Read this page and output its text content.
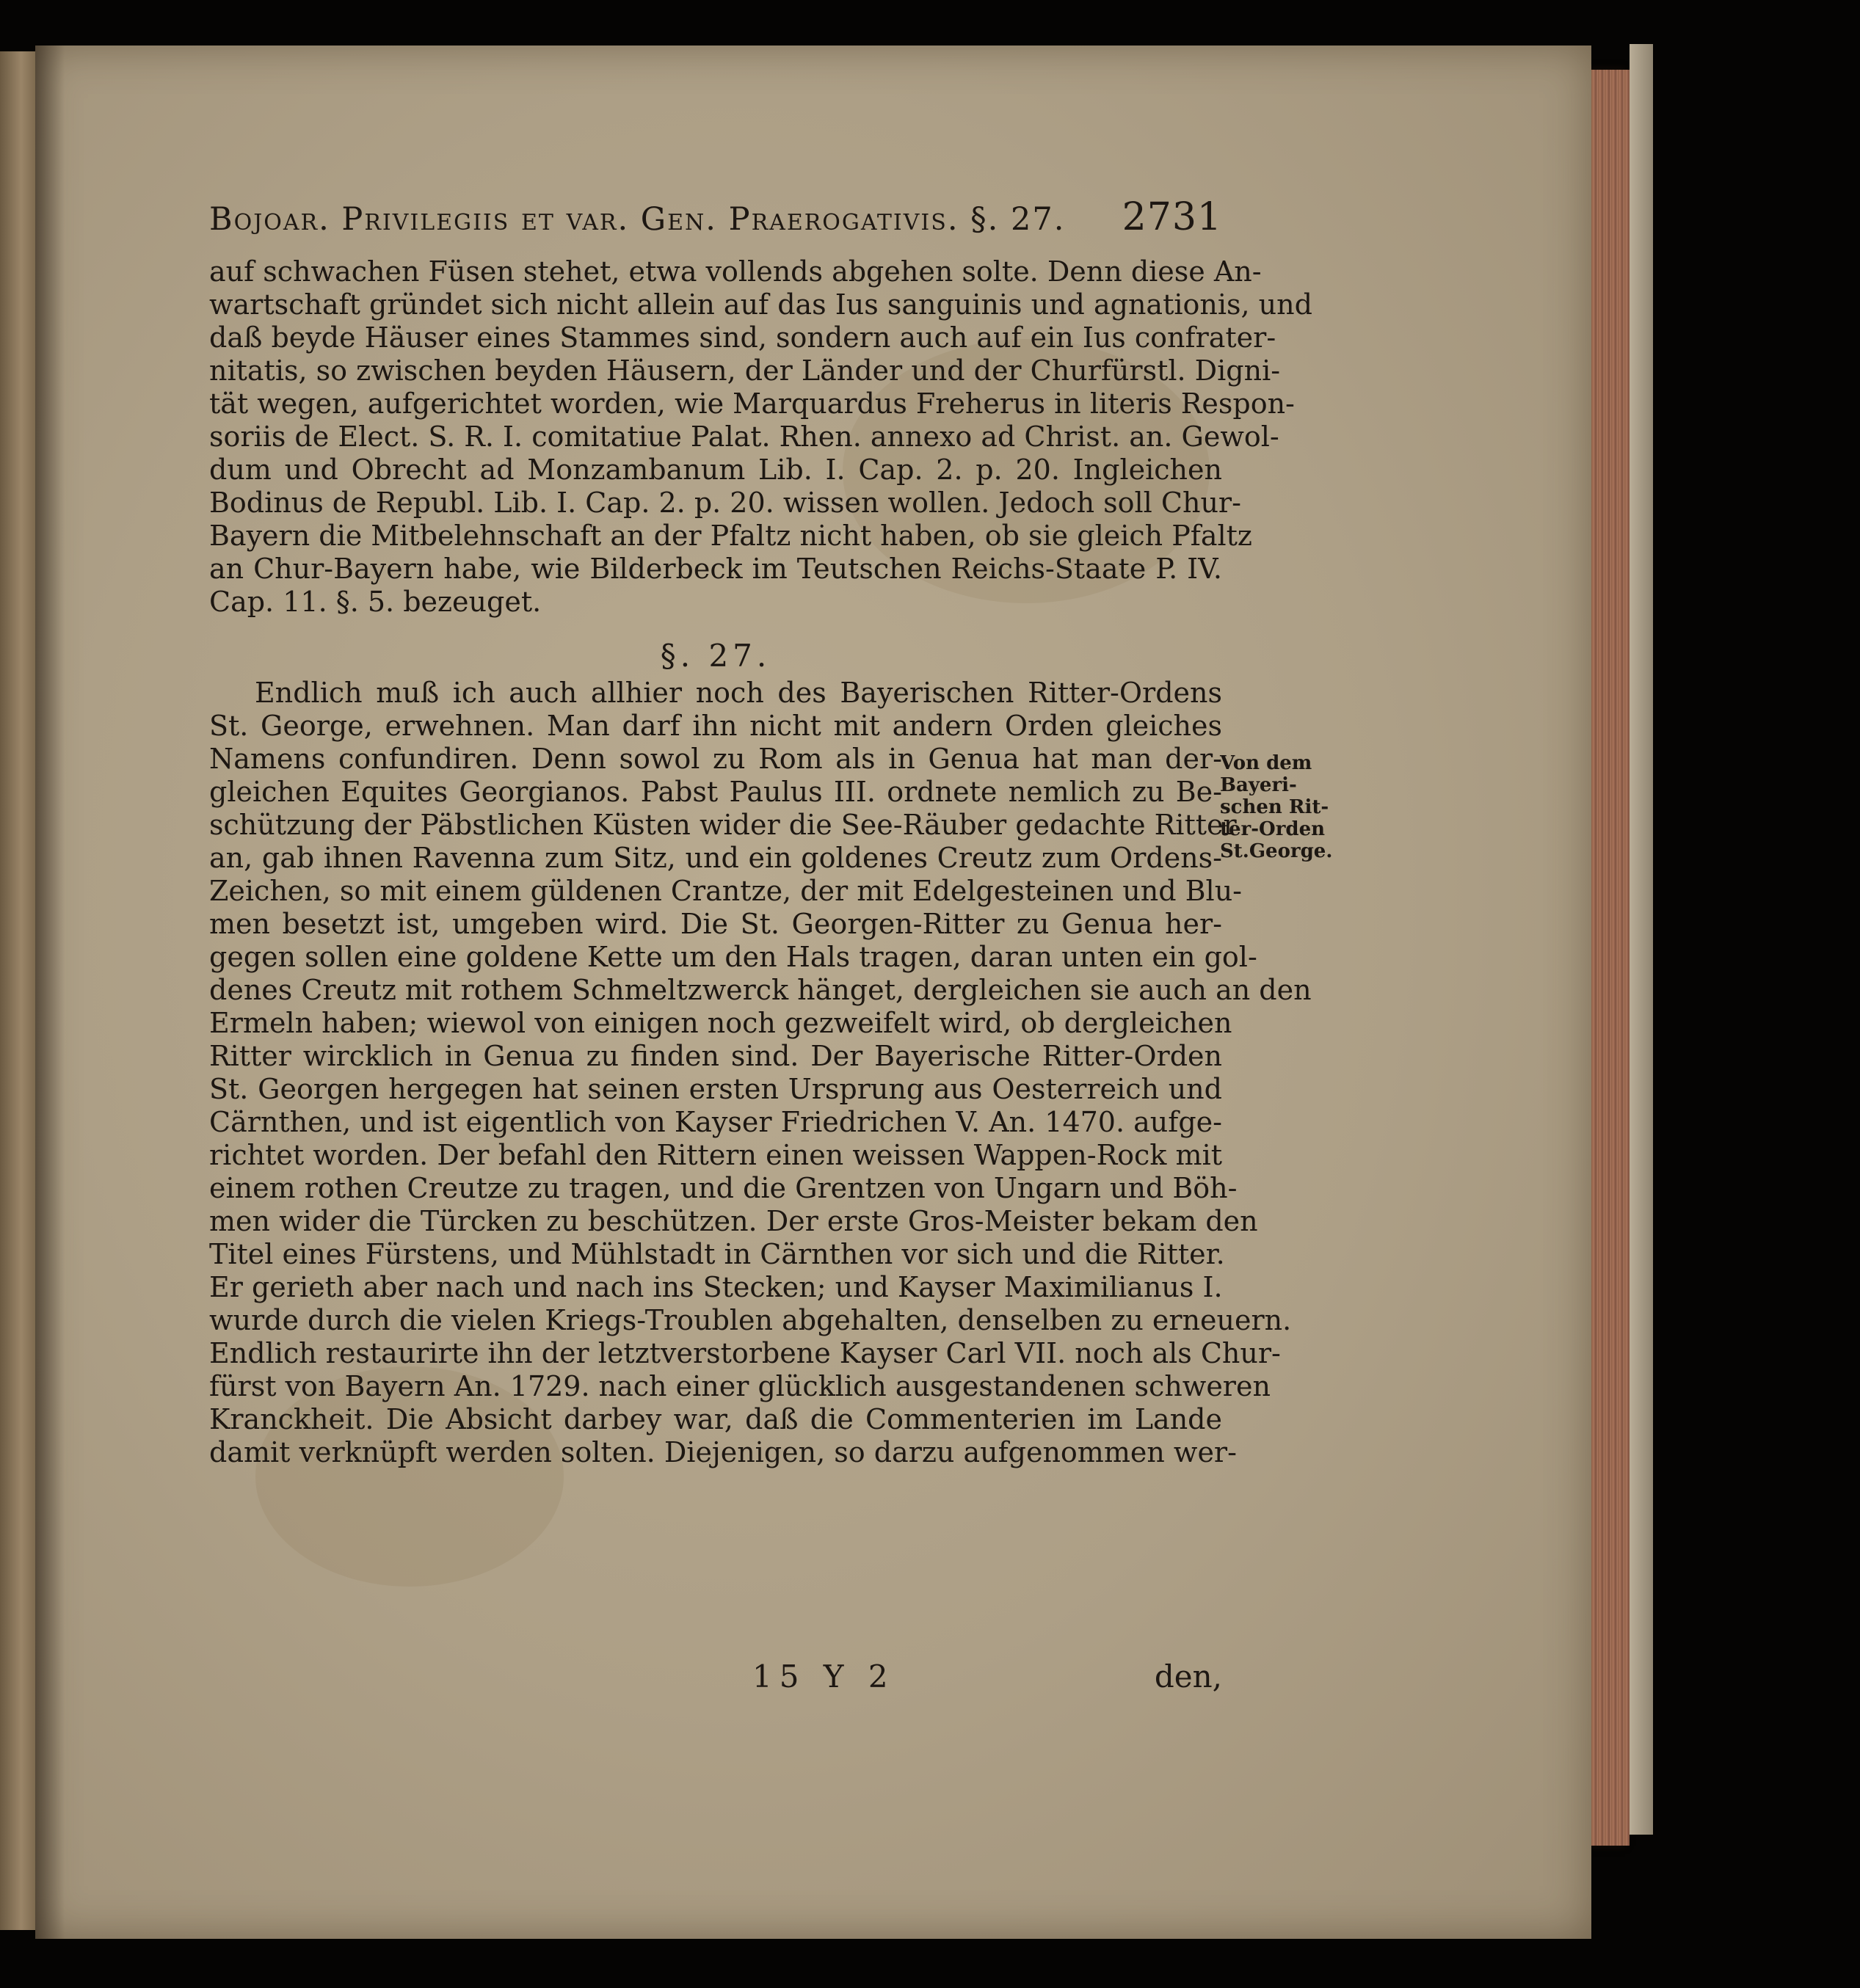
Bojoar. Privilegiis et var. Gen. Praerogativis. §. 27. 2731
auf schwachen Füsen stehet, etwa vollends abgehen solte. Denn diese An-
wartschaft gründet sich nicht allein auf das Ius sanguinis und agnationis, und
daß beyde Häuser eines Stammes sind, sondern auch auf ein Ius confrater-
nitatis, so zwischen beyden Häusern, der Länder und der Churfürstl. Digni-
tät wegen, aufgerichtet worden, wie Marquardus Freherus in literis Respon-
soriis de Elect. S. R. I. comitatiue Palat. Rhen. annexo ad Christ. an. Gewol-
dum und Obrecht ad Monzambanum Lib. I. Cap. 2. p. 20. Ingleichen
Bodinus de Republ. Lib. I. Cap. 2. p. 20. wissen wollen. Jedoch soll Chur-
Bayern die Mitbelehnschaft an der Pfaltz nicht haben, ob sie gleich Pfaltz
an Chur-Bayern habe, wie Bilderbeck im Teutschen Reichs-Staate P. IV.
Cap. 11. §. 5. bezeuget.
§. 27.
Endlich muß ich auch allhier noch des Bayerischen Ritter-Ordens
St. George, erwehnen. Man darf ihn nicht mit andern Orden gleiches
Namens confundiren. Denn sowol zu Rom als in Genua hat man der-
gleichen Equites Georgianos. Pabst Paulus III. ordnete nemlich zu Be-
schützung der Päbstlichen Küsten wider die See-Räuber gedachte Ritter
an, gab ihnen Ravenna zum Sitz, und ein goldenes Creutz zum Ordens-
Zeichen, so mit einem güldenen Crantze, der mit Edelgesteinen und Blu-
men besetzt ist, umgeben wird. Die St. Georgen-Ritter zu Genua her-
gegen sollen eine goldene Kette um den Hals tragen, daran unten ein gol-
denes Creutz mit rothem Schmeltzwerck hänget, dergleichen sie auch an den
Ermeln haben; wiewol von einigen noch gezweifelt wird, ob dergleichen
Ritter wircklich in Genua zu finden sind. Der Bayerische Ritter-Orden
St. Georgen hergegen hat seinen ersten Ursprung aus Oesterreich und
Cärnthen, und ist eigentlich von Kayser Friedrichen V. An. 1470. aufge-
richtet worden. Der befahl den Rittern einen weissen Wappen-Rock mit
einem rothen Creutze zu tragen, und die Grentzen von Ungarn und Böh-
men wider die Türcken zu beschützen. Der erste Gros-Meister bekam den
Titel eines Fürstens, und Mühlstadt in Cärnthen vor sich und die Ritter.
Er gerieth aber nach und nach ins Stecken; und Kayser Maximilianus I.
wurde durch die vielen Kriegs-Troublen abgehalten, denselben zu erneuern.
Endlich restaurirte ihn der letztverstorbene Kayser Carl VII. noch als Chur-
fürst von Bayern An. 1729. nach einer glücklich ausgestandenen schweren
Kranckheit. Die Absicht darbey war, daß die Commenterien im Lande
damit verknüpft werden solten. Diejenigen, so darzu aufgenommen wer-
Von dem
Bayeri-
schen Rit-
ter-Orden
St.George.
15 Y 2	den,
